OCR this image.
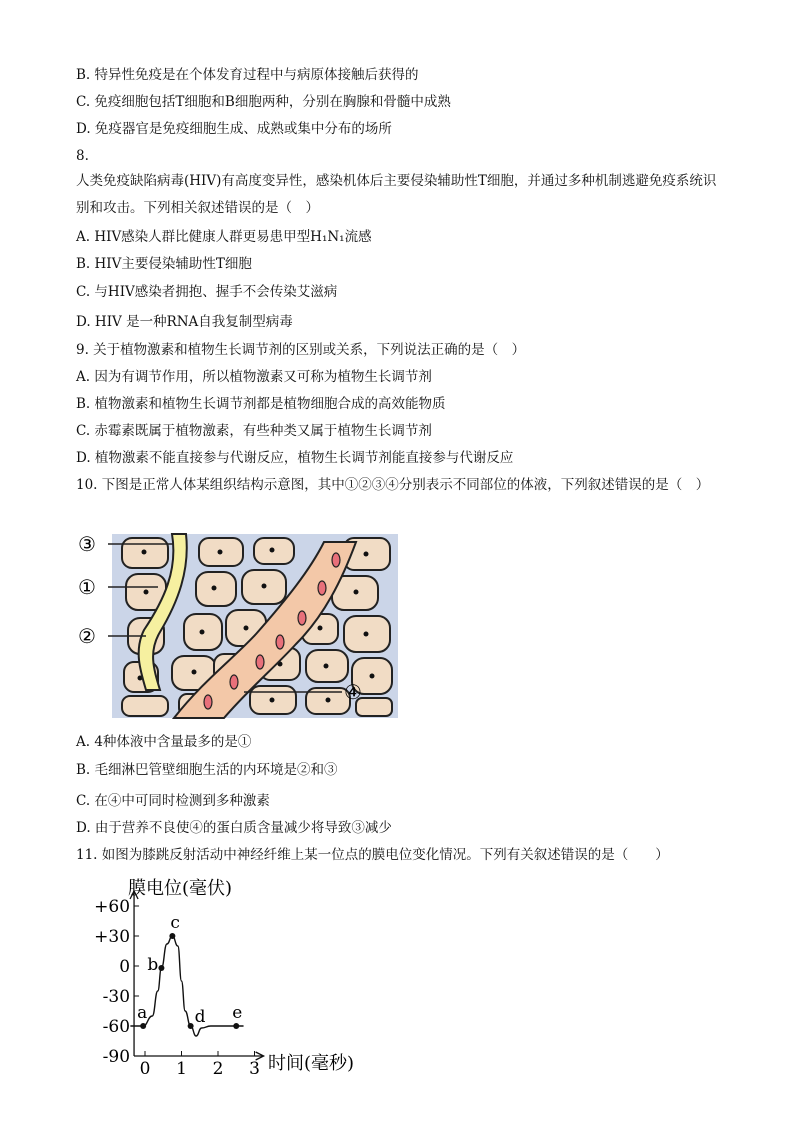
B. 特异性免疫是在个体发育过程中与病原体接触后获得的
C. 免疫细胞包括T细胞和B细胞两种，分别在胸腺和骨髓中成熟
D. 免疫器官是免疫细胞生成、成熟或集中分布的场所
8.
人类免疫缺陷病毒(HIV)有高度变异性，感染机体后主要侵染辅助性T细胞，并通过多种机制逃避免疫系统识别和攻击。下列相关叙述错误的是（　）
A. HIV感染人群比健康人群更易患甲型H₁N₁流感
B. HIV主要侵染辅助性T细胞
C. 与HIV感染者拥抱、握手不会传染艾滋病
D. HIV 是一种RNA自我复制型病毒
9. 关于植物激素和植物生长调节剂的区别或关系，下列说法正确的是（　）
A. 因为有调节作用，所以植物激素又可称为植物生长调节剂
B. 植物激素和植物生长调节剂都是植物细胞合成的高效能物质
C. 赤霉素既属于植物激素，有些种类又属于植物生长调节剂
D. 植物激素不能直接参与代谢反应，植物生长调节剂能直接参与代谢反应
10. 下图是正常人体某组织结构示意图，其中①②③④分别表示不同部位的体液，下列叙述错误的是（　）
③
①
②
④
A. 4种体液中含量最多的是①
B. 毛细淋巴管壁细胞生活的内环境是②和③
C. 在④中可同时检测到多种激素
D. 由于营养不良使④的蛋白质含量减少将导致③减少
11. 如图为膝跳反射活动中神经纤维上某一位点的膜电位变化情况。下列有关叙述错误的是（　　）
膜电位(毫伏)
时间(毫秒)
+60
+30
0
-30
-60
-90
0 1 2 3
a
b
c
d e
